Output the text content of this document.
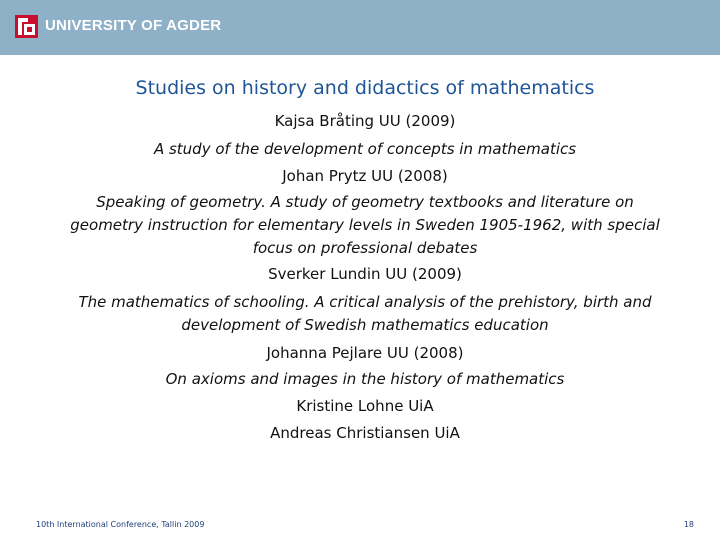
UNIVERSITY OF AGDER
Studies on history and didactics of mathematics
Kajsa Bråting UU (2009)
A study of the development of concepts in mathematics
Johan Prytz UU (2008)
Speaking of geometry. A study of geometry textbooks and literature on
geometry instruction for elementary levels in Sweden 1905-1962, with special
focus on professional debates
Sverker Lundin UU (2009)
The mathematics of schooling. A critical analysis of the prehistory, birth and
development of Swedish mathematics education
Johanna Pejlare UU (2008)
On axioms and images in the history of mathematics
Kristine Lohne UiA
Andreas Christiansen UiA
10th International Conference, Tallin 2009	18
